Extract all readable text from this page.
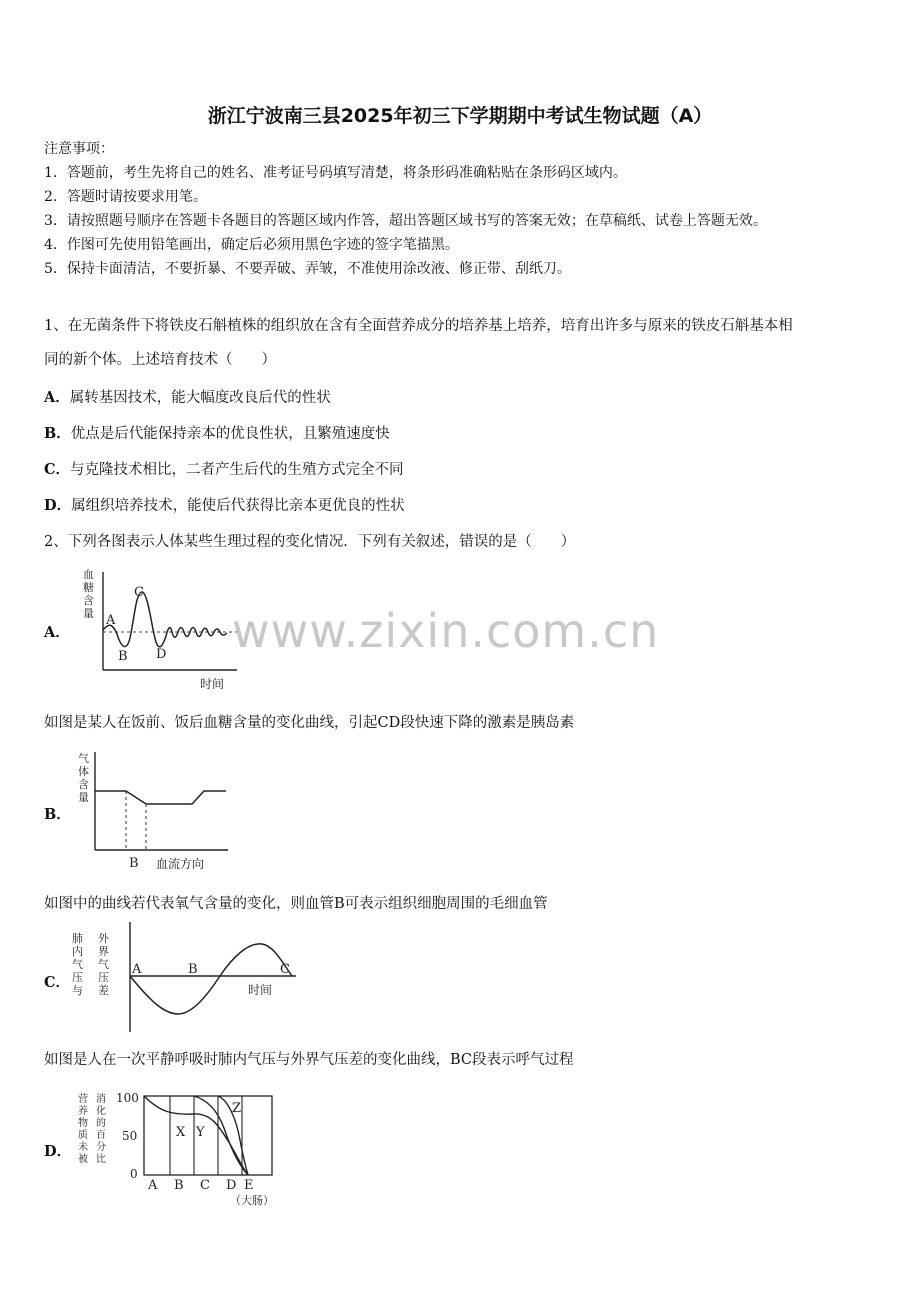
浙江宁波南三县2025年初三下学期期中考试生物试题（A）
注意事项：
1．答题前，考生先将自己的姓名、准考证号码填写清楚，将条形码准确粘贴在条形码区域内。
2．答题时请按要求用笔。
3．请按照题号顺序在答题卡各题目的答题区域内作答，超出答题区域书写的答案无效；在草稿纸、试卷上答题无效。
4．作图可先使用铅笔画出，确定后必须用黑色字迹的签字笔描黑。
5．保持卡面清洁，不要折暴、不要弄破、弄皱，不准使用涂改液、修正带、刮纸刀。
1、在无菌条件下将铁皮石斛植株的组织放在含有全面营养成分的培养基上培养，培育出许多与原来的铁皮石斛基本相
同的新个体。上述培育技术（　　）
A．属转基因技术，能大幅度改良后代的性状
B．优点是后代能保持亲本的优良性状，且繁殖速度快
C．与克隆技术相比，二者产生后代的生殖方式完全不同
D．属组织培养技术，能使后代获得比亲本更优良的性状
2、下列各图表示人体某些生理过程的变化情况．下列有关叙述，错误的是（　　）
A．
血糖含量 A
B
C
D
时间
如图是某人在饭前、饭后血糖含量的变化曲线，引起CD段快速下降的激素是胰岛素
B．
气体含量
B 血流方向
如图中的曲线若代表氧气含量的变化，则血管B可表示组织细胞周围的毛细血管
C．
肺内气压与
外界气压差
A	B	C
时间
如图是人在一次平静呼吸时肺内气压与外界气压差的变化曲线，BC段表示呼气过程
D．
100
50
0
营养物质未被
消化的百分比
X Y
Z
A B C D E
（大肠）
www.zixin.com.cn
